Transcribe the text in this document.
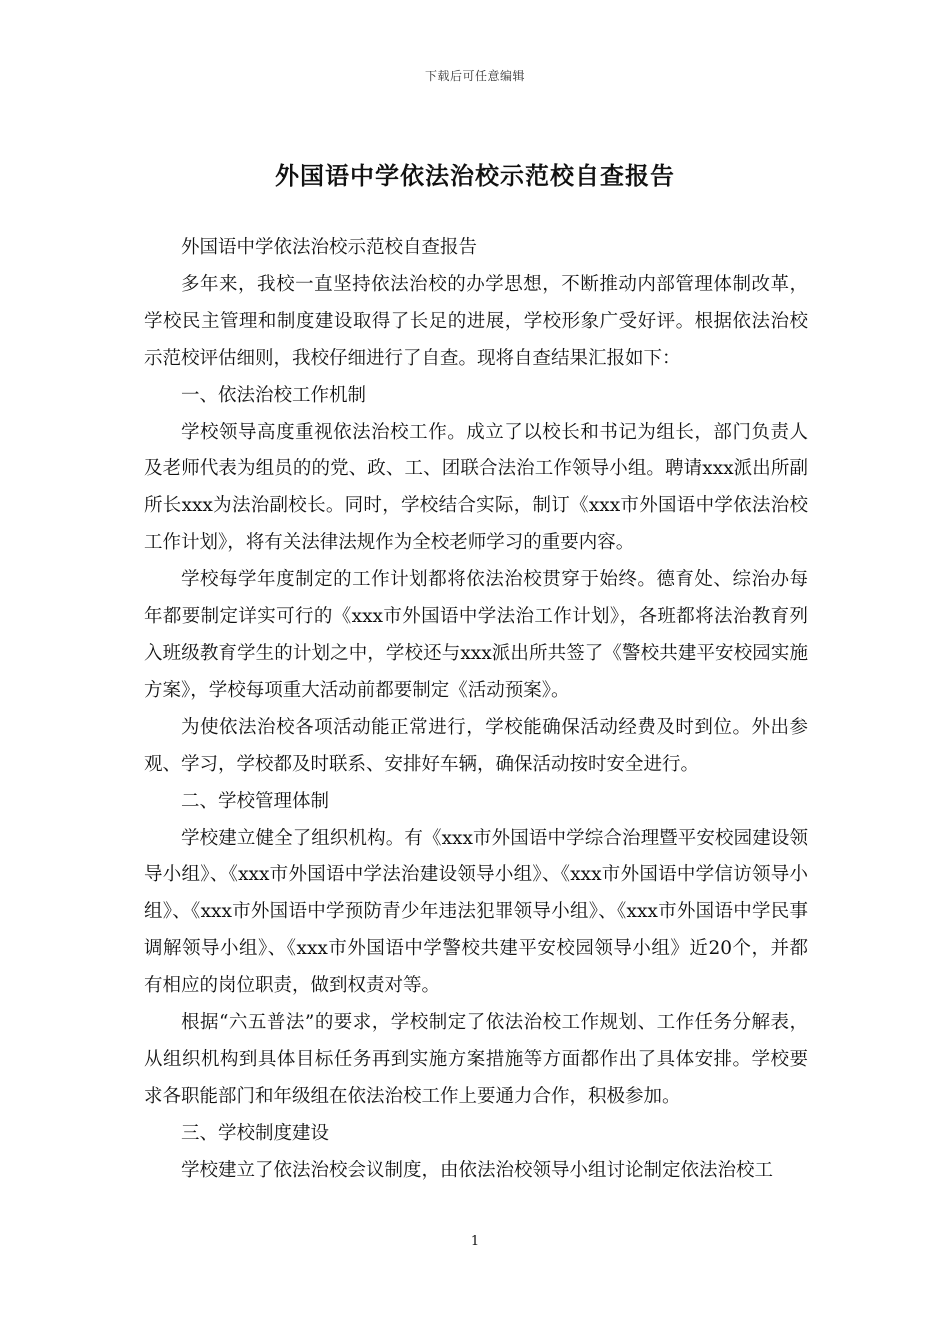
下载后可任意编辑
外国语中学依法治校示范校自查报告

外国语中学依法治校示范校自查报告

多年来，我校一直坚持依法治校的办学思想，不断推动内部管理体制改革，学校民主管理和制度建设取得了长足的进展，学校形象广受好评。根据依法治校示范校评估细则，我校仔细进行了自查。现将自查结果汇报如下：

一、依法治校工作机制

学校领导高度重视依法治校工作。成立了以校长和书记为组长，部门负责人及老师代表为组员的的党、政、工、团联合法治工作领导小组。聘请xxx派出所副所长xxx为法治副校长。同时，学校结合实际，制订《xxx市外国语中学依法治校工作计划》，将有关法律法规作为全校老师学习的重要内容。

学校每学年度制定的工作计划都将依法治校贯穿于始终。德育处、综治办每年都要制定详实可行的《xxx市外国语中学法治工作计划》，各班都将法治教育列入班级教育学生的计划之中，学校还与xxx派出所共签了《警校共建平安校园实施方案》，学校每项重大活动前都要制定《活动预案》。

为使依法治校各项活动能正常进行，学校能确保活动经费及时到位。外出参观、学习，学校都及时联系、安排好车辆，确保活动按时安全进行。

二、学校管理体制

学校建立健全了组织机构。有《xxx市外国语中学综合治理暨平安校园建设领导小组》、《xxx市外国语中学法治建设领导小组》、《xxx市外国语中学信访领导小组》、《xxx市外国语中学预防青少年违法犯罪领导小组》、《xxx市外国语中学民事调解领导小组》、《xxx市外国语中学警校共建平安校园领导小组》近20个，并都有相应的岗位职责，做到权责对等。

根据“六五普法”的要求，学校制定了依法治校工作规划、工作任务分解表，从组织机构到具体目标任务再到实施方案措施等方面都作出了具体安排。学校要求各职能部门和年级组在依法治校工作上要通力合作，积极参加。

三、学校制度建设

学校建立了依法治校会议制度，由依法治校领导小组讨论制定依法治校工

1
